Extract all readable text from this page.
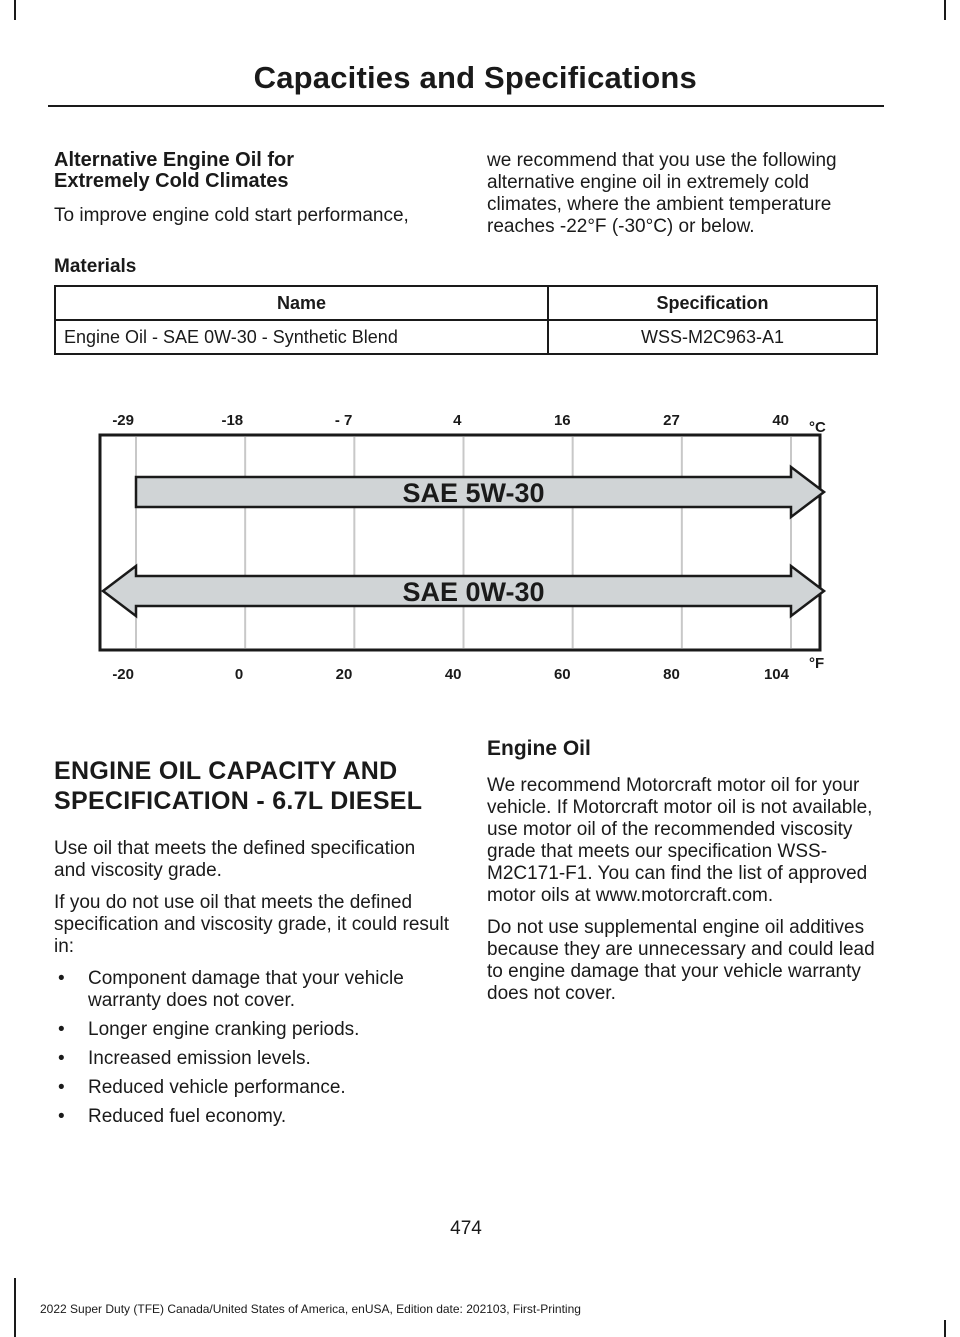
Capacities and Specifications
Alternative Engine Oil for Extremely Cold Climates

To improve engine cold start performance,

we recommend that you use the following alternative engine oil in extremely cold climates, where the ambient temperature reaches -22°F (-30°C) or below.

Materials

Name	Specification
Engine Oil - SAE 0W-30 - Synthetic Blend	WSS-M2C963-A1
-29	-18	- 7	4	16	27	40
-20	0	20	40	60	80	104
SAE 5W-30
SAE 0W-30
°C
°F
ENGINE OIL CAPACITY AND SPECIFICATION - 6.7L DIESEL

Use oil that meets the defined specification and viscosity grade.

If you do not use oil that meets the defined specification and viscosity grade, it could result in:

• Component damage that your vehicle warranty does not cover.
• Longer engine cranking periods.
• Increased emission levels.
• Reduced vehicle performance.
• Reduced fuel economy.
Engine Oil

We recommend Motorcraft motor oil for your vehicle. If Motorcraft motor oil is not available, use motor oil of the recommended viscosity grade that meets our specification WSS-M2C171-F1. You can find the list of approved motor oils at www.motorcraft.com.

Do not use supplemental engine oil additives because they are unnecessary and could lead to engine damage that your vehicle warranty does not cover.

474

2022 Super Duty (TFE) Canada/United States of America, enUSA, Edition date: 202103, First-Printing
